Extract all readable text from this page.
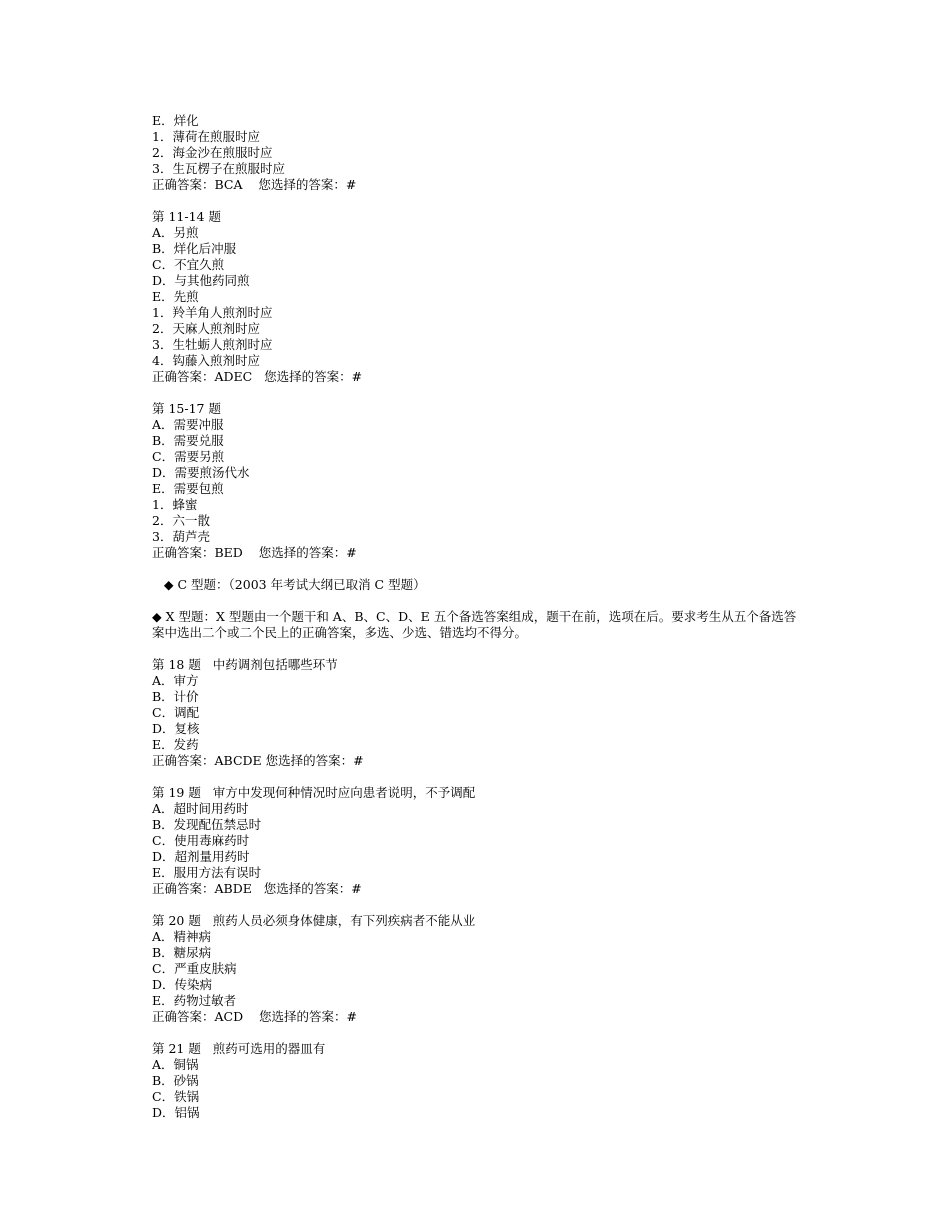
E．烊化
1．薄荷在煎服时应
2．海金沙在煎服时应
3．生瓦楞子在煎服时应
正确答案：BCA    您选择的答案：#
第 11-14 题
A．另煎
B．烊化后冲服
C．不宜久煎
D．与其他药同煎
E．先煎
1．羚羊角人煎剂时应
2．天麻人煎剂时应
3．生牡蛎人煎剂时应
4．钩藤入煎剂时应
正确答案：ADEC   您选择的答案：#
第 15-17 题
A．需要冲服
B．需要兑服
C．需要另煎
D．需要煎汤代水
E．需要包煎
1．蜂蜜
2．六一散
3．葫芦壳
正确答案：BED    您选择的答案：#
◆ C 型题：（2003 年考试大纲已取消 C 型题）
◆ X 型题：X 型题由一个题干和 A、B、C、D、E 五个备选答案组成，题干在前，选项在后。要求考生从五个备选答案中选出二个或二个民上的正确答案，多选、少选、错选均不得分。
第 18 题   中药调剂包括哪些环节
A．审方
B．计价
C．调配
D．复核
E．发药
正确答案：ABCDE 您选择的答案：#
第 19 题   审方中发现何种情况时应向患者说明，不予调配
A．超时间用药时
B．发现配伍禁忌时
C．使用毒麻药时
D．超剂量用药时
E．服用方法有误时
正确答案：ABDE   您选择的答案：#
第 20 题   煎药人员必须身体健康，有下列疾病者不能从业
A．精神病
B．糖尿病
C．严重皮肤病
D．传染病
E．药物过敏者
正确答案：ACD    您选择的答案：#
第 21 题   煎药可选用的器皿有
A．铜锅
B．砂锅
C．铁锅
D．铝锅
